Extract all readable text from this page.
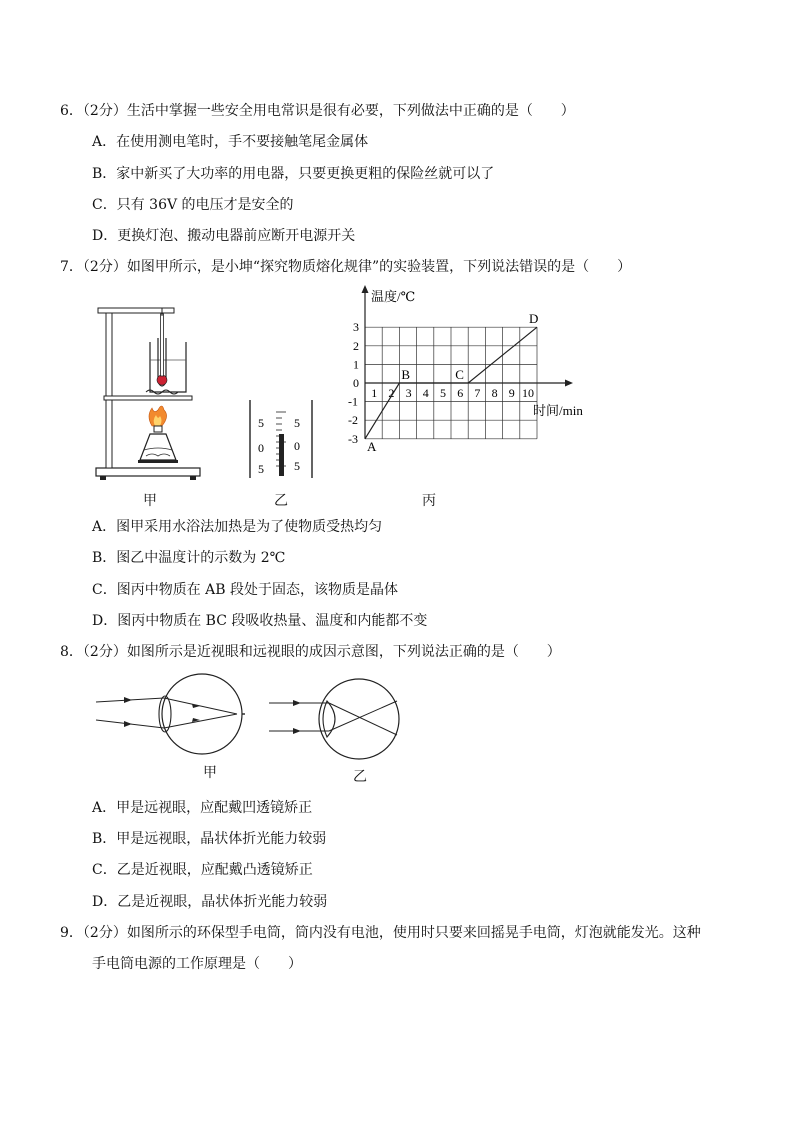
6．（2分）生活中掌握一些安全用电常识是很有必要，下列做法中正确的是（　　）
A．在使用测电笔时，手不要接触笔尾金属体
B．家中新买了大功率的用电器，只要更换更粗的保险丝就可以了
C．只有 36V 的电压才是安全的
D．更换灯泡、搬动电器前应断开电源开关
7．（2分）如图甲所示，是小坤“探究物质熔化规律”的实验装置，下列说法错误的是（　　）
甲
5
0
5
5
0
5
乙
1 2 3 4 5 6 7 8 9 10
3
2
1
0
-1
-2
-3 A
B	C
D
温度/℃
时间/min
丙
A．图甲采用水浴法加热是为了使物质受热均匀
B．图乙中温度计的示数为 2℃
C．图丙中物质在 AB 段处于固态，该物质是晶体
D．图丙中物质在 BC 段吸收热量、温度和内能都不变
8．（2分）如图所示是近视眼和远视眼的成因示意图，下列说法正确的是（　　）
甲	乙
A．甲是远视眼，应配戴凹透镜矫正
B．甲是远视眼，晶状体折光能力较弱
C．乙是近视眼，应配戴凸透镜矫正
D．乙是近视眼，晶状体折光能力较弱
9．（2分）如图所示的环保型手电筒，筒内没有电池，使用时只要来回摇晃手电筒，灯泡就能发光。这种
手电筒电源的工作原理是（　　）
